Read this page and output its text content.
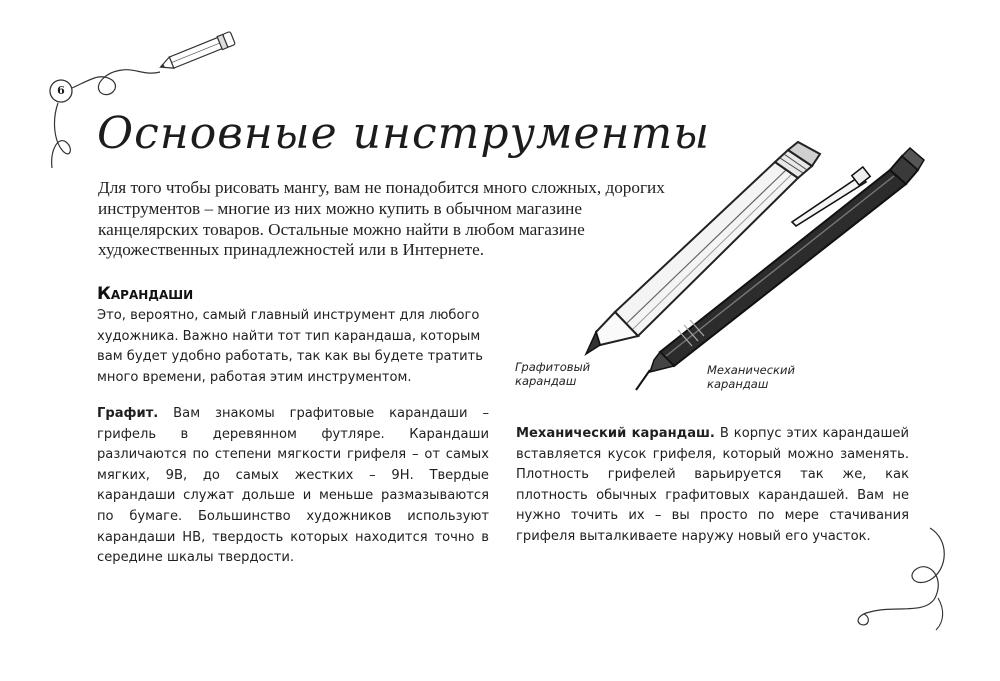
6
Основные инструменты

Для того чтобы рисовать мангу, вам не понадобится много сложных, дорогих инструментов – многие из них можно купить в обычном магазине канцелярских товаров. Остальные можно найти в любом магазине художественных принадлежностей или в Интернете.

Карандаши

Это, вероятно, самый главный инструмент для любого художника. Важно найти тот тип карандаша, которым вам будет удобно работать, так как вы будете тратить много времени, работая этим инструментом.

Графит. Вам знакомы графитовые карандаши – грифель в деревянном футляре. Карандаши различаются по степени мягкости грифеля – от самых мягких, 9В, до самых жестких – 9Н. Твердые карандаши служат дольше и меньше размазываются по бумаге. Большинство художников используют карандаши НВ, твердость которых находится точно в середине шкалы твердости.

Механический карандаш. В корпус этих карандашей вставляется кусок грифеля, который можно заменять. Плотность грифелей варьируется так же, как плотность обычных графитовых карандашей. Вам не нужно точить их – вы просто по мере стачивания грифеля выталкиваете наружу новый его участок.

Графитовый
карандаш
Механический
карандаш
